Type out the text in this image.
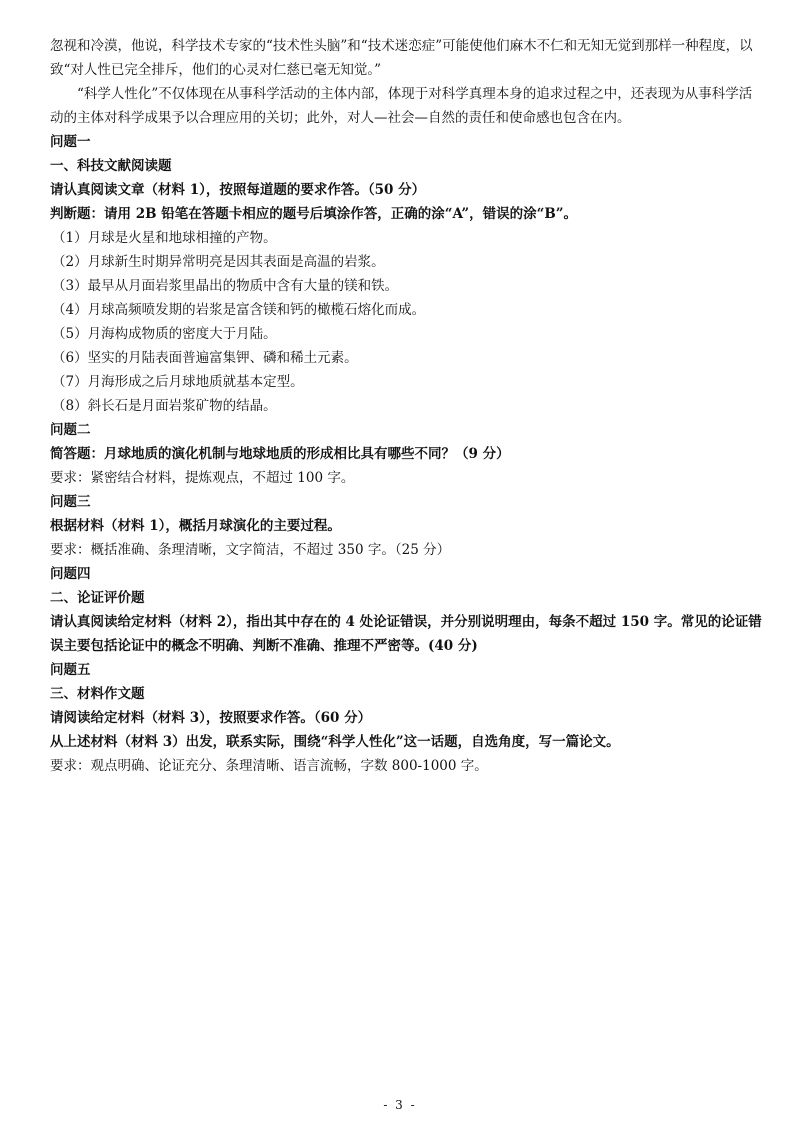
忽视和冷漠，他说，科学技术专家的“技术性头脑”和“技术迷恋症”可能使他们麻木不仁和无知无觉到那样一种程度，以致“对人性已完全排斥，他们的心灵对仁慈已毫无知觉。”
“科学人性化”不仅体现在从事科学活动的主体内部，体现于对科学真理本身的追求过程之中，还表现为从事科学活动的主体对科学成果予以合理应用的关切；此外，对人—社会—自然的责任和使命感也包含在内。
问题一
一、科技文献阅读题
请认真阅读文章（材料 1），按照每道题的要求作答。（50 分）
判断题：请用 2B 铅笔在答题卡相应的题号后填涂作答，正确的涂“A”，错误的涂“B”。
（1）月球是火星和地球相撞的产物。
（2）月球新生时期异常明亮是因其表面是高温的岩浆。
（3）最早从月面岩浆里晶出的物质中含有大量的镁和铁。
（4）月球高频喷发期的岩浆是富含镁和钙的橄榄石熔化而成。
（5）月海构成物质的密度大于月陆。
（6）坚实的月陆表面普遍富集钾、磷和稀土元素。
（7）月海形成之后月球地质就基本定型。
（8）斜长石是月面岩浆矿物的结晶。
问题二
简答题：月球地质的演化机制与地球地质的形成相比具有哪些不同？（9 分）
要求：紧密结合材料，提炼观点，不超过 100 字。
问题三
根据材料（材料 1），概括月球演化的主要过程。
要求：概括准确、条理清晰，文字简洁，不超过 350 字。（25 分）
问题四
二、论证评价题
请认真阅读给定材料（材料 2），指出其中存在的 4 处论证错误，并分别说明理由，每条不超过 150 字。常见的论证错误主要包括论证中的概念不明确、判断不准确、推理不严密等。(40 分)
问题五
三、材料作文题
请阅读给定材料（材料 3），按照要求作答。（60 分）
从上述材料（材料 3）出发，联系实际，围绕“科学人性化”这一话题，自选角度，写一篇论文。
要求：观点明确、论证充分、条理清晰、语言流畅，字数 800-1000 字。
- 3 -
